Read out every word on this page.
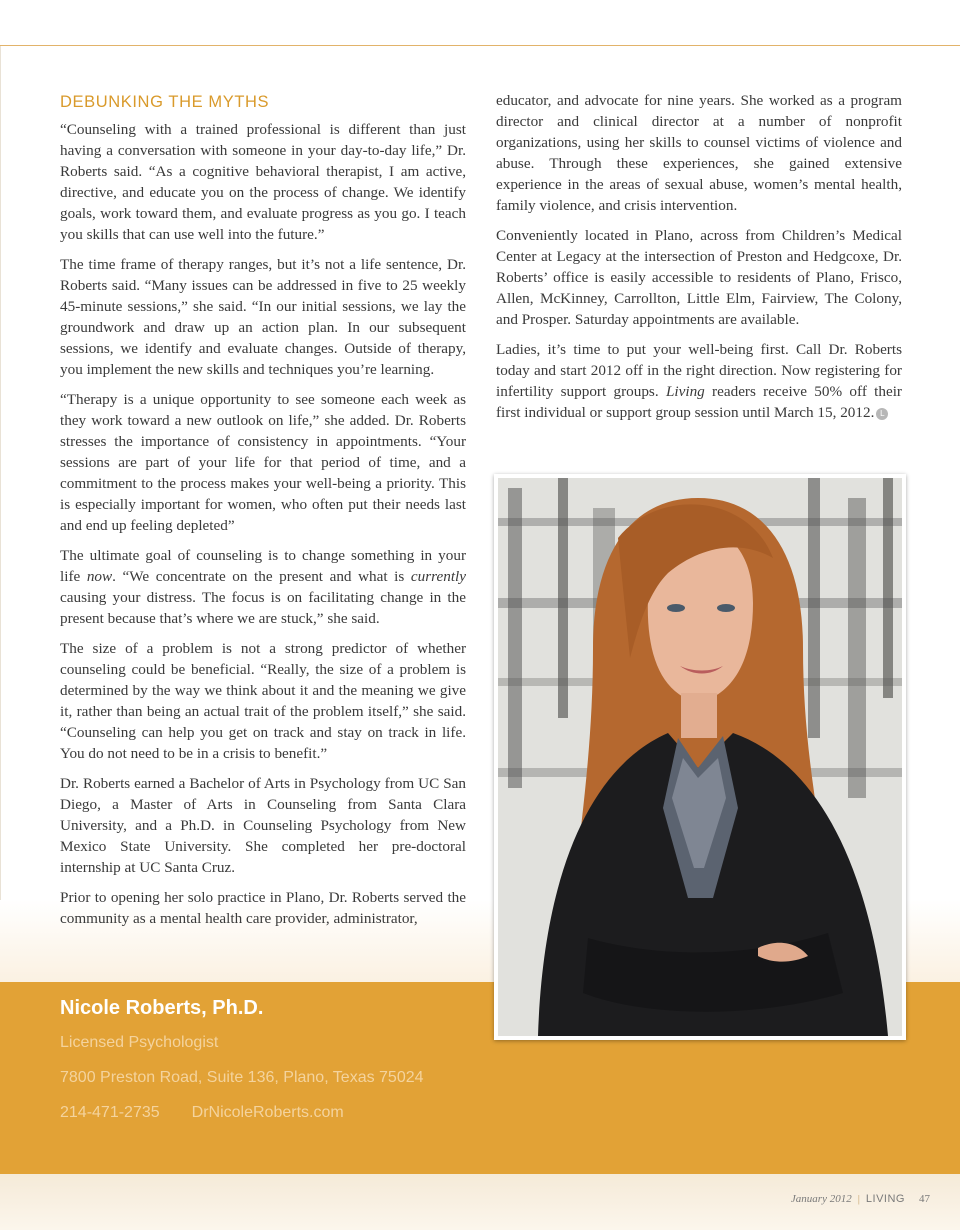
DEBUNKING THE MYTHS

“Counseling with a trained professional is different than just having a conversation with someone in your day-to-day life,” Dr. Roberts said. “As a cognitive behavioral therapist, I am active, directive, and educate you on the process of change. We identify goals, work toward them, and evaluate progress as you go. I teach you skills that can use well into the future.”

The time frame of therapy ranges, but it’s not a life sentence, Dr. Roberts said. “Many issues can be addressed in five to 25 weekly 45-minute sessions,” she said. “In our initial sessions, we lay the groundwork and draw up an action plan. In our subsequent sessions, we identify and evaluate changes. Outside of therapy, you implement the new skills and techniques you’re learning.

“Therapy is a unique opportunity to see someone each week as they work toward a new outlook on life,” she added. Dr. Roberts stresses the importance of consistency in appointments. “Your sessions are part of your life for that period of time, and a commitment to the process makes your well-being a priority. This is especially important for women, who often put their needs last and end up feeling depleted”

The ultimate goal of counseling is to change something in your life now. “We concentrate on the present and what is currently causing your distress. The focus is on facilitating change in the present because that’s where we are stuck,” she said.

The size of a problem is not a strong predictor of whether counseling could be beneficial. “Really, the size of a problem is determined by the way we think about it and the meaning we give it, rather than being an actual trait of the problem itself,” she said. “Counseling can help you get on track and stay on track in life. You do not need to be in a crisis to benefit.”

Dr. Roberts earned a Bachelor of Arts in Psychology from UC San Diego, a Master of Arts in Counseling from Santa Clara University, and a Ph.D. in Counseling Psychology from New Mexico State University. She completed her pre-doctoral internship at UC Santa Cruz.

Prior to opening her solo practice in Plano, Dr. Roberts served the community as a mental health care provider, administrator,

educator, and advocate for nine years. She worked as a program director and clinical director at a number of nonprofit organizations, using her skills to counsel victims of violence and abuse. Through these experiences, she gained extensive experience in the areas of sexual abuse, women’s mental health, family violence, and crisis intervention.

Conveniently located in Plano, across from Children’s Medical Center at Legacy at the intersection of Preston and Hedgcoxe, Dr. Roberts’ office is easily accessible to residents of Plano, Frisco, Allen, McKinney, Carrollton, Little Elm, Fairview, The Colony, and Prosper. Saturday appointments are available.

Ladies, it’s time to put your well-being first. Call Dr. Roberts today and start 2012 off in the right direction. Now registering for infertility support groups. Living readers receive 50% off their first individual or support group session until March 15, 2012. L

Nicole Roberts, Ph.D.
Licensed Psychologist
7800 Preston Road, Suite 136, Plano, Texas 75024
214-471-2735 DrNicoleRoberts.com
January 2012 | LIVING 47
